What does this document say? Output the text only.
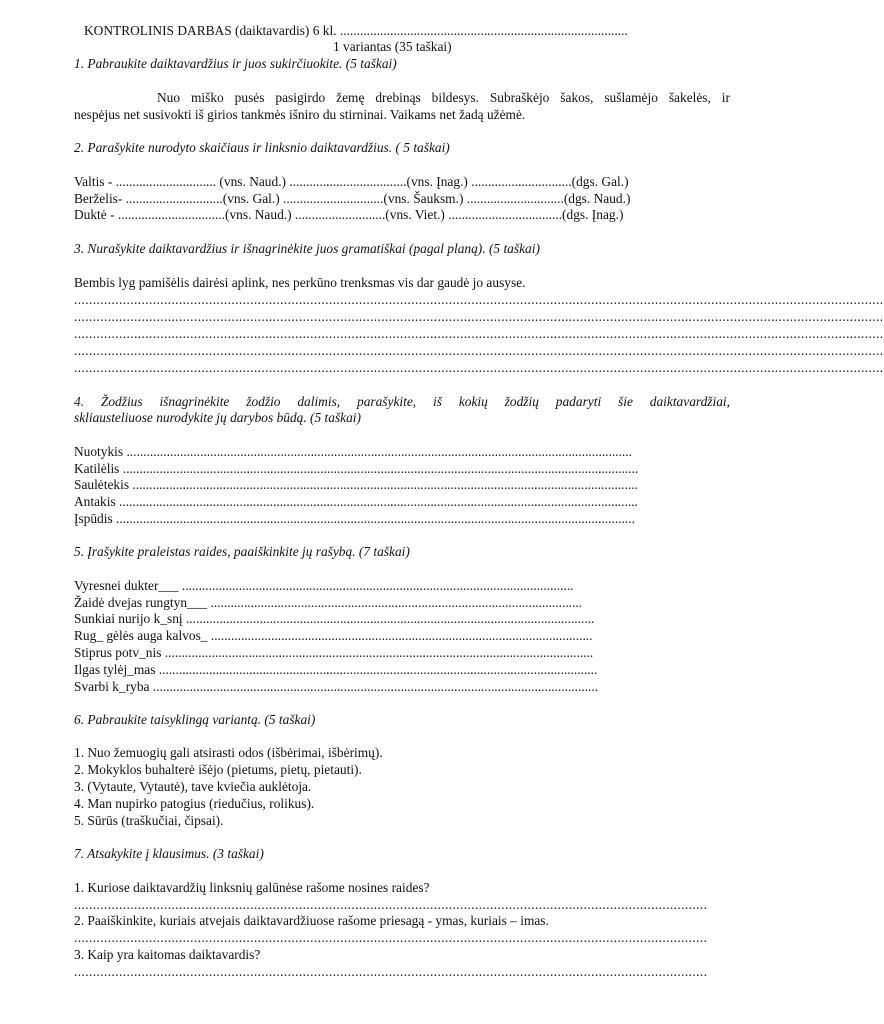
KONTROLINIS DARBAS (daiktavardis) 6 kl. ......................................................................................
1 variantas (35 taškai)
1. Pabraukite daiktavardžius ir juos sukirčiuokite. (5 taškai)
Nuo miško pusės pasigirdo žemę drebinąs bildesys. Subraškėjo šakos, sušlamėjo šakelės, ir
nespėjus net susivokti iš girios tankmės išniro du stirninai. Vaikams net žadą užėmė.
2. Parašykite nurodyto skaičiaus ir linksnio daiktavardžius. ( 5 taškai)
Valtis - .............................. (vns. Naud.) ...................................(vns. Įnag.) ..............................(dgs. Gal.)
Berželis- .............................(vns. Gal.) ..............................(vns. Šauksm.) .............................(dgs. Naud.)
Duktė - ................................(vns. Naud.) ...........................(vns. Viet.) ..................................(dgs. Įnag.)
3. Nurašykite daiktavardžius ir išnagrinėkite juos gramatiškai (pagal planą). (5 taškai)
Bembis lyg pamišėlis dairėsi aplink, nes perkūno trenksmas vis dar gaudė jo ausyse.
........................................................................................................................................................................................................................
........................................................................................................................................................................................................................
........................................................................................................................................................................................................................
........................................................................................................................................................................................................................
........................................................................................................................................................................................................................
4. Žodžius išnagrinėkite žodžio dalimis, parašykite, iš kokių žodžių padaryti šie daiktavardžiai,
skliausteliuose nurodykite jų darybos būdą. (5 taškai)
Nuotykis .......................................................................................................................................................
Katilėlis ..........................................................................................................................................................
Saulėtekis .......................................................................................................................................................
Antakis ...........................................................................................................................................................
Įspūdis ...........................................................................................................................................................
5. Įrašykite praleistas raides, paaiškinkite jų rašybą. (7 taškai)
Vyresnei dukter___ .....................................................................................................................
Žaidė dvejas rungtyn___ ...............................................................................................................
Sunkiai nurijo k_snį ..........................................................................................................................
Rug_ gėlės auga kalvos_ ..................................................................................................................
Stiprus potv_nis ................................................................................................................................
Ilgas tylėj_mas ...................................................................................................................................
Svarbi k_ryba .....................................................................................................................................
6. Pabraukite taisyklingą variantą. (5 taškai)
1. Nuo žemuogių gali atsirasti odos (išbėrimai, išbėrimų).
2. Mokyklos buhalterė išėjo (pietums, pietų, pietauti).
3. (Vytaute, Vytautė), tave kviečia auklėtoja.
4. Man nupirko patogius (riedučius, rolikus).
5. Sūrūs (traškučiai, čipsai).
7. Atsakykite į klausimus. (3 taškai)
1. Kuriose daiktavardžių linksnių galūnėse rašome nosines raides?
.........................................................................................................................................................................
2. Paaiškinkite, kuriais atvejais daiktavardžiuose rašome priesagą - ymas, kuriais – imas.
.........................................................................................................................................................................
3. Kaip yra kaitomas daiktavardis?
.........................................................................................................................................................................
